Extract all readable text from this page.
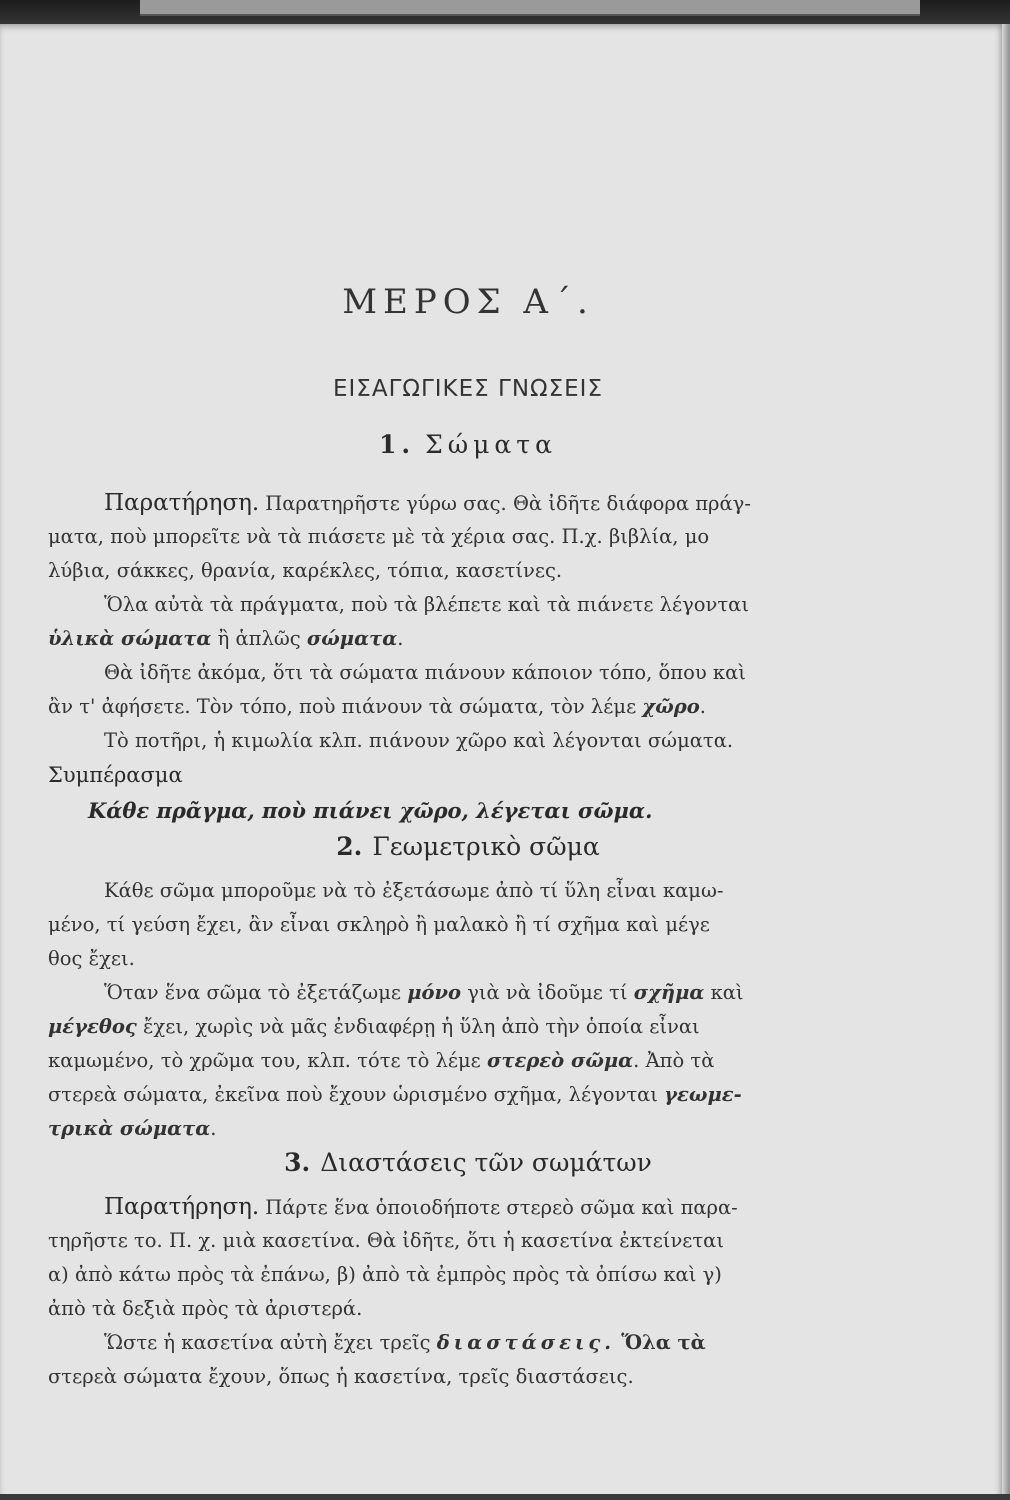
ΜΕΡΟΣ Α΄.
ΕΙΣΑΓΩΓΙΚΕΣ ΓΝΩΣΕΙΣ
1. Σώματα
Παρατήρηση. Παρατηρῆστε γύρω σας. Θὰ ἰδῆτε διάφορα πράγ-
ματα, ποὺ μπορεῖτε νὰ τὰ πιάσετε μὲ τὰ χέρια σας. Π.χ. βιβλία, μο
λύβια, σάκκες, θρανία, καρέκλες, τόπια, κασετίνες.
Ὅλα αὐτὰ τὰ πράγματα, ποὺ τὰ βλέπετε καὶ τὰ πιάνετε λέγονται
ὑλικὰ σώματα ἢ ἁπλῶς σώματα.
Θὰ ἰδῆτε ἀκόμα, ὅτι τὰ σώματα πιάνουν κάποιον τόπο, ὅπου καὶ
ἂν τ' ἀφήσετε. Τὸν τόπο, ποὺ πιάνουν τὰ σώματα, τὸν λέμε χῶρο.
Τὸ ποτῆρι, ἡ κιμωλία κλπ. πιάνουν χῶρο καὶ λέγονται σώματα.
Συμπέρασμα
Κάθε πρᾶγμα, ποὺ πιάνει χῶρο, λέγεται σῶμα.
2. Γεωμετρικὸ σῶμα
Κάθε σῶμα μποροῦμε νὰ τὸ ἐξετάσωμε ἀπὸ τί ὕλη εἶναι καμω-
μένο, τί γεύση ἔχει, ἂν εἶναι σκληρὸ ἢ μαλακὸ ἢ τί σχῆμα καὶ μέγε
θος ἔχει.
Ὅταν ἕνα σῶμα τὸ ἐξετάζωμε μόνο γιὰ νὰ ἰδοῦμε τί σχῆμα καὶ
μέγεθος ἔχει, χωρὶς νὰ μᾶς ἐνδιαφέρῃ ἡ ὕλη ἀπὸ τὴν ὁποία εἶναι
καμωμένο, τὸ χρῶμα του, κλπ. τότε τὸ λέμε στερεὸ σῶμα. Ἀπὸ τὰ
στερεὰ σώματα, ἐκεῖνα ποὺ ἔχουν ὡρισμένο σχῆμα, λέγονται γεωμε-
τρικὰ σώματα.
3. Διαστάσεις τῶν σωμάτων
Παρατήρηση. Πάρτε ἕνα ὁποιοδήποτε στερεὸ σῶμα καὶ παρα-
τηρῆστε το. Π. χ. μιὰ κασετίνα. Θὰ ἰδῆτε, ὅτι ἡ κασετίνα ἐκτείνεται
α) ἀπὸ κάτω πρὸς τὰ ἐπάνω, β) ἀπὸ τὰ ἐμπρὸς πρὸς τὰ ὀπίσω καὶ γ)
ἀπὸ τὰ δεξιὰ πρὸς τὰ ἀριστερά.
Ὥστε ἡ κασετίνα αὐτὴ ἔχει τρεῖς διαστάσεις. Ὅλα τὰ
στερεὰ σώματα ἔχουν, ὅπως ἡ κασετίνα, τρεῖς διαστάσεις.
